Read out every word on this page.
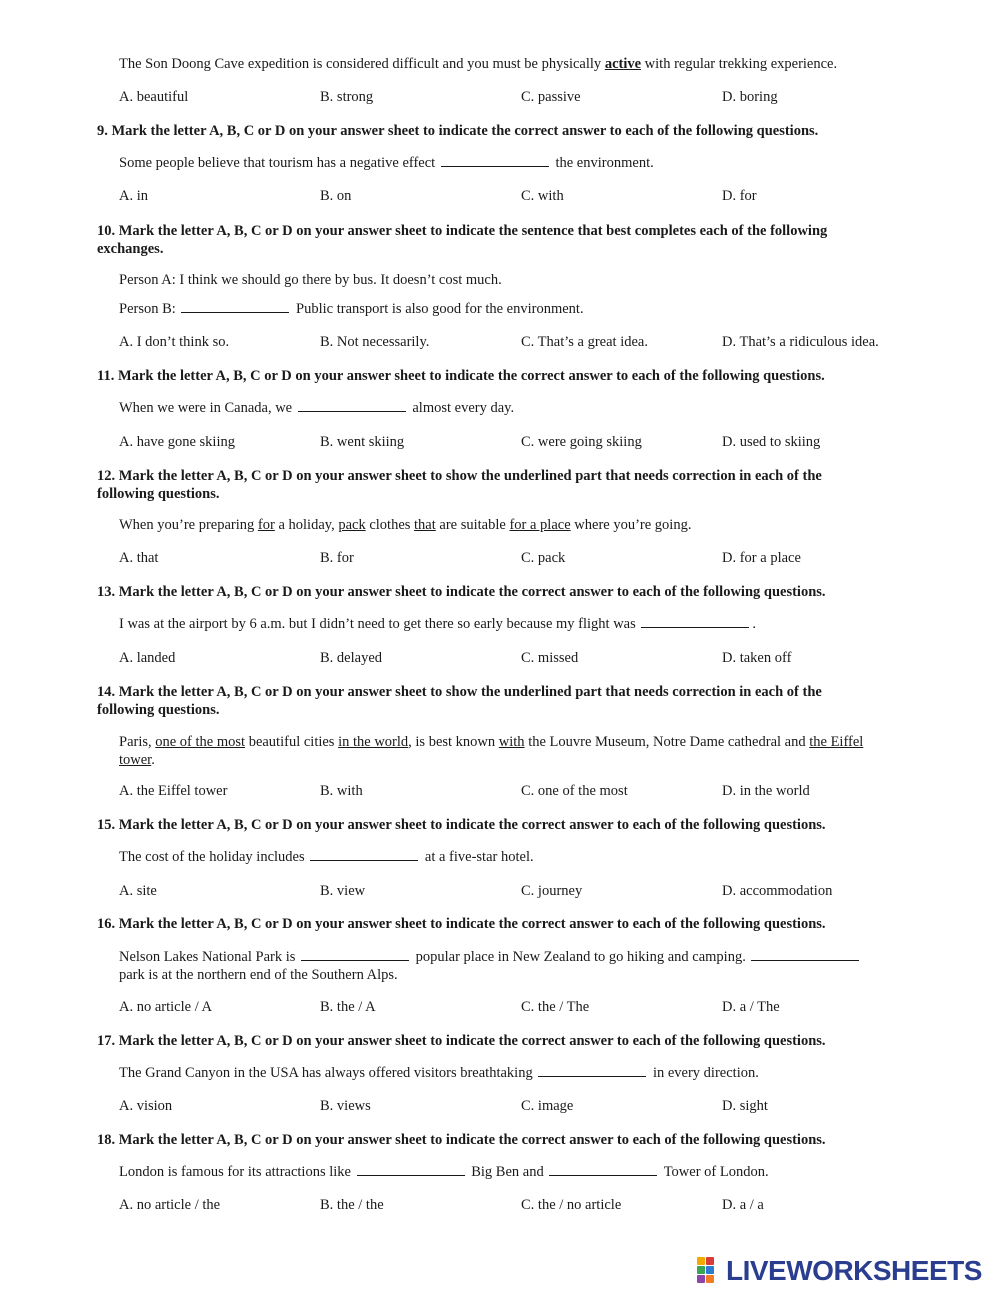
The Son Doong Cave expedition is considered difficult and you must be physically active with regular trekking experience.
A. beautiful	B. strong	C. passive	D. boring
9. Mark the letter A, B, C or D on your answer sheet to indicate the correct answer to each of the following questions.
Some people believe that tourism has a negative effect	the environment.
A. in	B. on	C. with	D. for
10. Mark the letter A, B, C or D on your answer sheet to indicate the sentence that best completes each of the following exchanges.
Person A: I think we should go there by bus. It doesn’t cost much.
Person B:	Public transport is also good for the environment.
A. I don’t think so.	B. Not necessarily.	C. That’s a great idea.	D. That’s a ridiculous idea.
11. Mark the letter A, B, C or D on your answer sheet to indicate the correct answer to each of the following questions.
When we were in Canada, we	almost every day.
A. have gone skiing	B. went skiing	C. were going skiing	D. used to skiing
12. Mark the letter A, B, C or D on your answer sheet to show the underlined part that needs correction in each of the following questions.
When you’re preparing for a holiday, pack clothes that are suitable for a place where you’re going.
A. that	B. for	C. pack	D. for a place
13. Mark the letter A, B, C or D on your answer sheet to indicate the correct answer to each of the following questions.
I was at the airport by 6 a.m. but I didn’t need to get there so early because my flight was	.
A. landed	B. delayed	C. missed	D. taken off
14. Mark the letter A, B, C or D on your answer sheet to show the underlined part that needs correction in each of the following questions.
Paris, one of the most beautiful cities in the world, is best known with the Louvre Museum, Notre Dame cathedral and the Eiffel tower.
A. the Eiffel tower	B. with	C. one of the most	D. in the world
15. Mark the letter A, B, C or D on your answer sheet to indicate the correct answer to each of the following questions.
The cost of the holiday includes	at a five-star hotel.
A. site	B. view	C. journey	D. accommodation
16. Mark the letter A, B, C or D on your answer sheet to indicate the correct answer to each of the following questions.
Nelson Lakes National Park is	popular place in New Zealand to go hiking and camping.  park is at the northern end of the Southern Alps.
A. no article / A	B. the / A	C. the / The	D. a / The
17. Mark the letter A, B, C or D on your answer sheet to indicate the correct answer to each of the following questions.
The Grand Canyon in the USA has always offered visitors breathtaking	in every direction.
A. vision	B. views	C. image	D. sight
18. Mark the letter A, B, C or D on your answer sheet to indicate the correct answer to each of the following questions.
London is famous for its attractions like	Big Ben and	Tower of London.
A. no article / the	B. the / the	C. the / no article	D. a / a
LIVEWORKSHEETS
